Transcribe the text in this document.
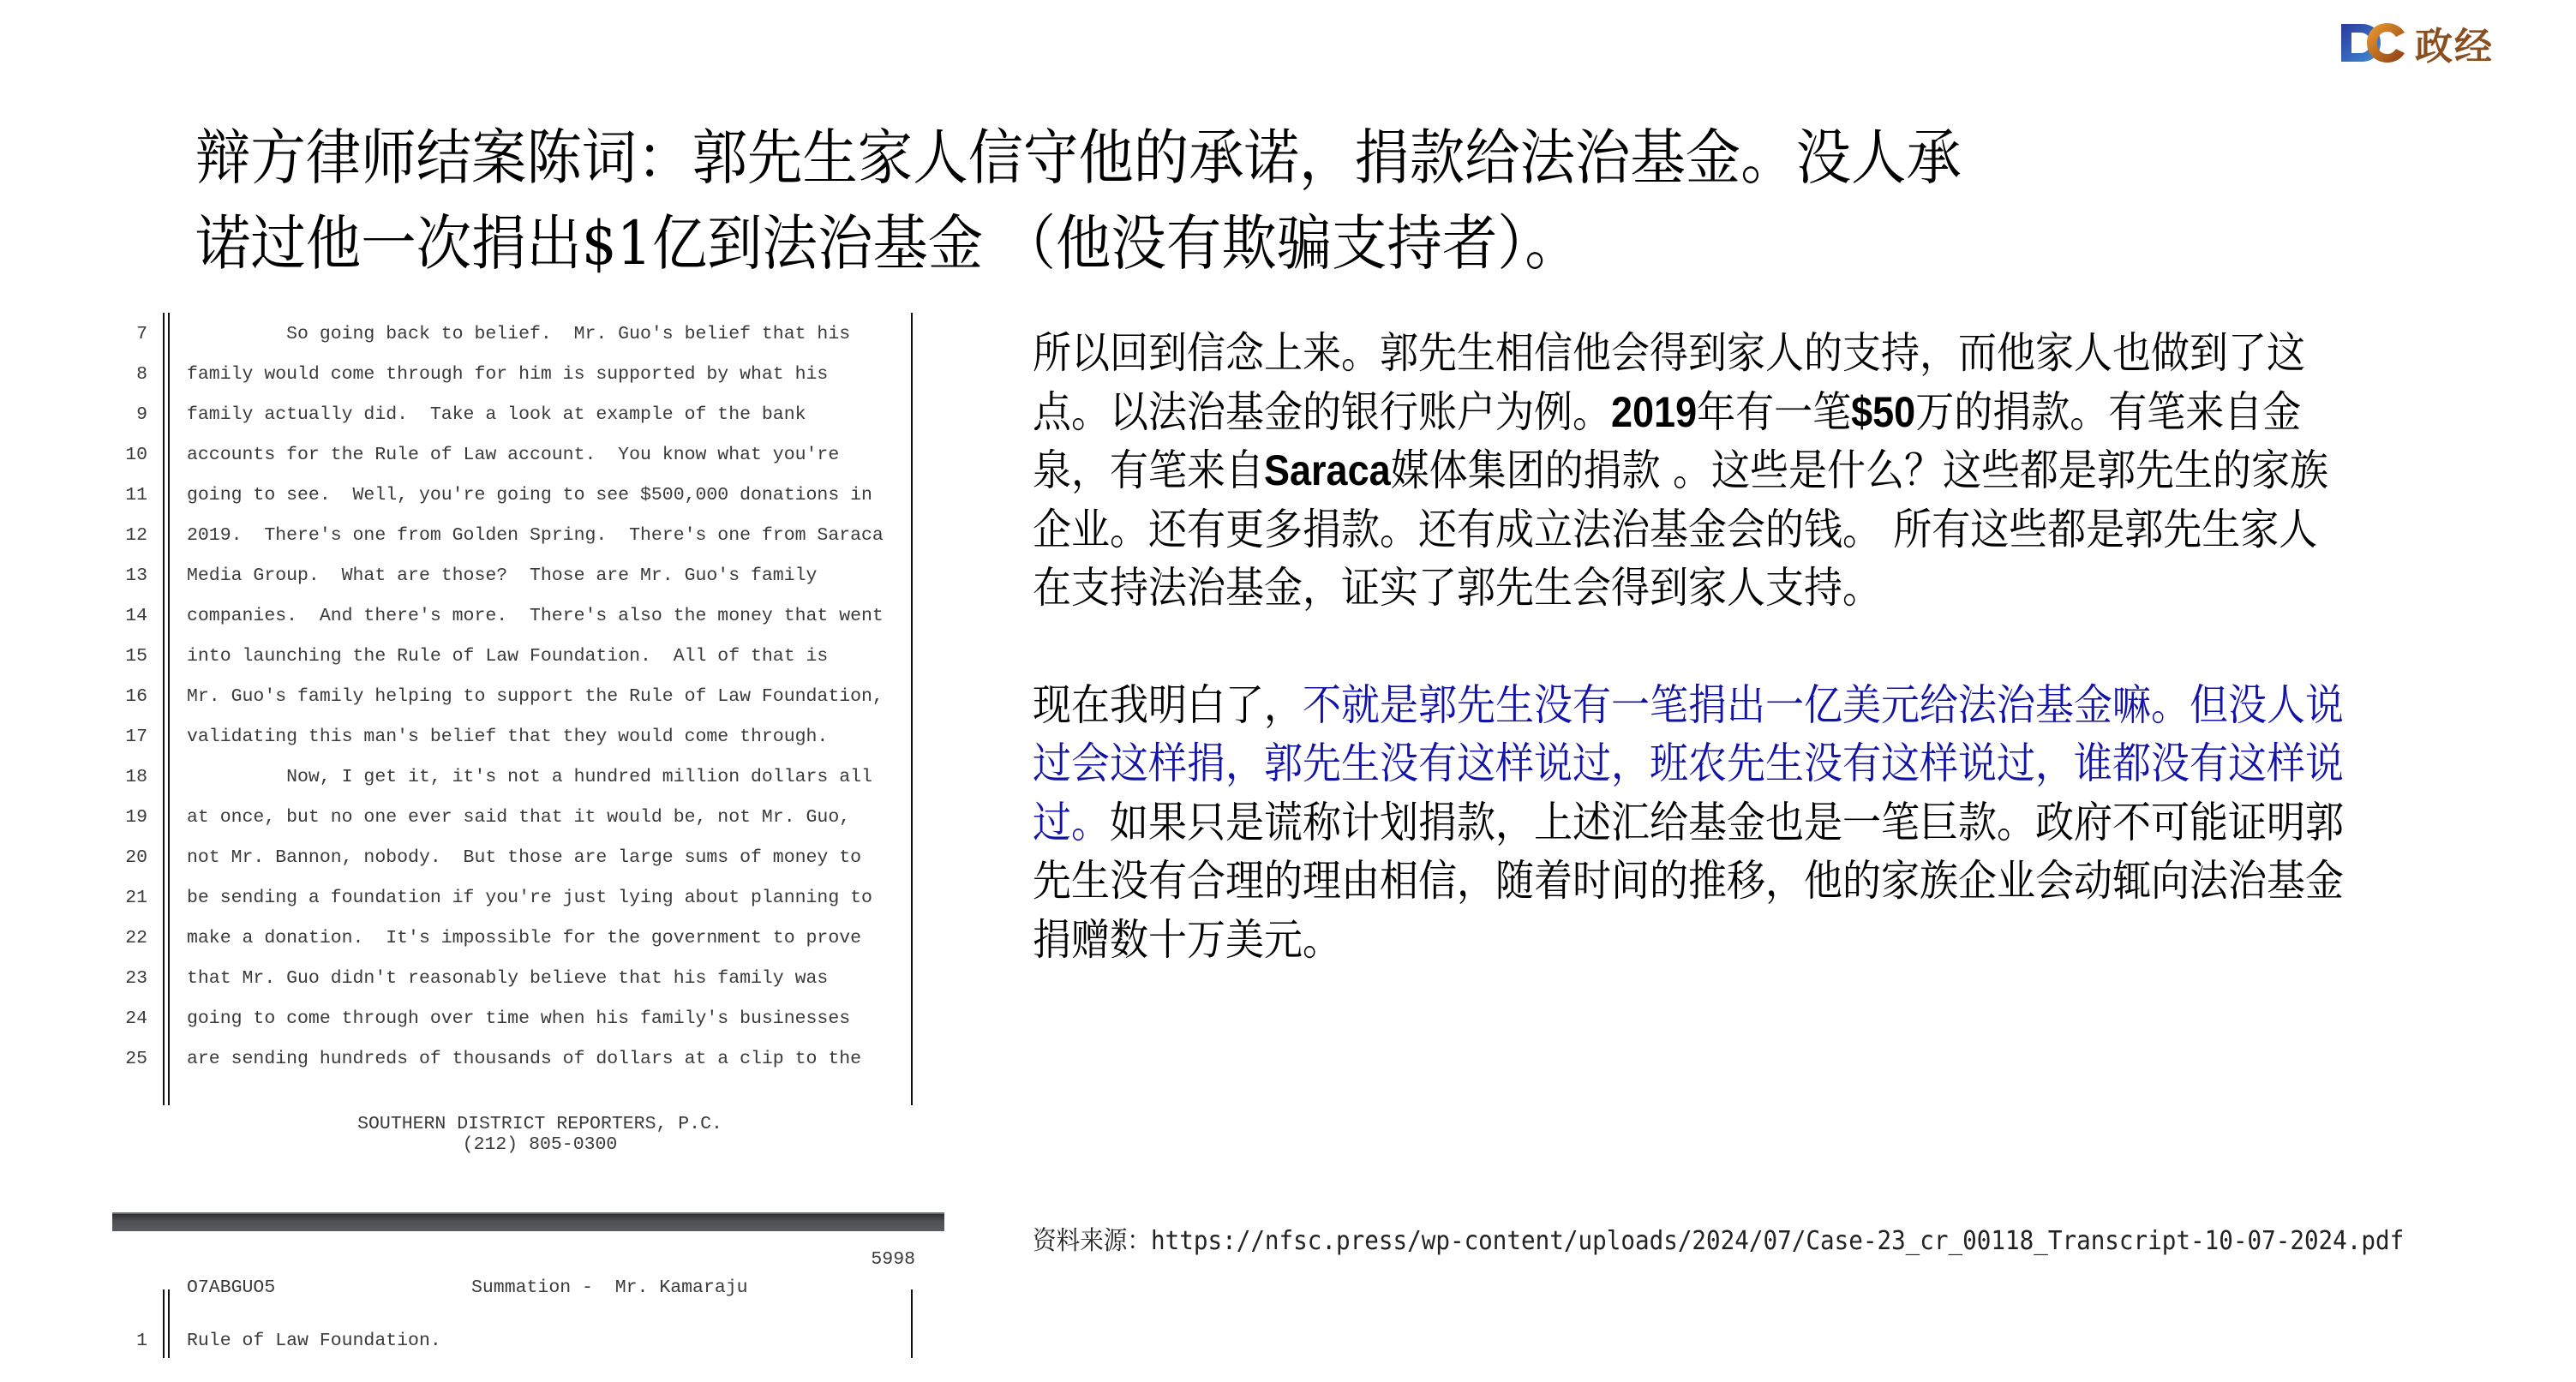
政经
辩方律师结案陈词：郭先生家人信守他的承诺，捐款给法治基金。没人承
诺过他一次捐出$1亿到法治基金 （他没有欺骗支持者）。
7 So going back to belief.  Mr. Guo's belief that his
8 family would come through for him is supported by what his
9 family actually did.  Take a look at example of the bank
10 accounts for the Rule of Law account.  You know what you're
11 going to see.  Well, you're going to see $500,000 donations in
12 2019.  There's one from Golden Spring.  There's one from Saraca
13 Media Group.  What are those?  Those are Mr. Guo's family
14 companies.  And there's more.  There's also the money that went
15 into launching the Rule of Law Foundation.  All of that is
16 Mr. Guo's family helping to support the Rule of Law Foundation,
17 validating this man's belief that they would come through.
18 Now, I get it, it's not a hundred million dollars all
19 at once, but no one ever said that it would be, not Mr. Guo,
20 not Mr. Bannon, nobody.  But those are large sums of money to
21 be sending a foundation if you're just lying about planning to
22 make a donation.  It's impossible for the government to prove
23 that Mr. Guo didn't reasonably believe that his family was
24 going to come through over time when his family's businesses
25 are sending hundreds of thousands of dollars at a clip to the
SOUTHERN DISTRICT REPORTERS, P.C.
(212) 805-0300
5998
O7ABGUO5	Summation -  Mr. Kamaraju
1 Rule of Law Foundation.

所以回到信念上来。郭先生相信他会得到家人的支持，而他家人也做到了这点。以法治基金的银行账户为例。2019年有一笔$50万的捐款。有笔来自金泉，有笔来自Saraca媒体集团的捐款 。这些是什么？这些都是郭先生的家族企业。还有更多捐款。还有成立法治基金会的钱。 所有这些都是郭先生家人在支持法治基金，证实了郭先生会得到家人支持。

现在我明白了，不就是郭先生没有一笔捐出一亿美元给法治基金嘛。但没人说过会这样捐，郭先生没有这样说过，班农先生没有这样说过，谁都没有这样说过。如果只是谎称计划捐款，上述汇给基金也是一笔巨款。政府不可能证明郭先生没有合理的理由相信，随着时间的推移，他的家族企业会动辄向法治基金捐赠数十万美元。

资料来源：https://nfsc.press/wp-content/uploads/2024/07/Case-23_cr_00118_Transcript-10-07-2024.pdf
